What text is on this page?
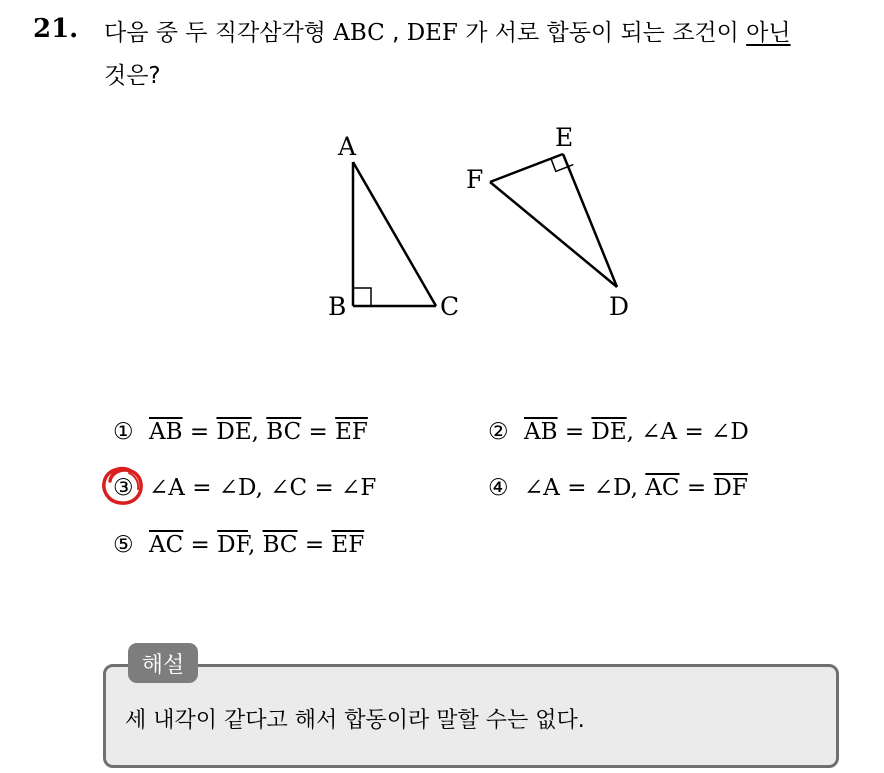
21. 다음 중 두 직각삼각형 ABC , DEF 가 서로 합동이 되는 조건이 아닌
것은?
A
B	C	D
E
F
① $\overline{AB} = \overline{DE}$, $\overline{BC} = \overline{EF}$	② $\overline{AB} = \overline{DE}$, ∠A = ∠D
③ ∠A = ∠D, ∠C = ∠F	④ ∠A = ∠D, $\overline{AC} = \overline{DF}$
⑤ $\overline{AC} = \overline{DF}$, $\overline{BC} = \overline{EF}$
해설
세 내각이 같다고 해서 합동이라 말할 수는 없다.
